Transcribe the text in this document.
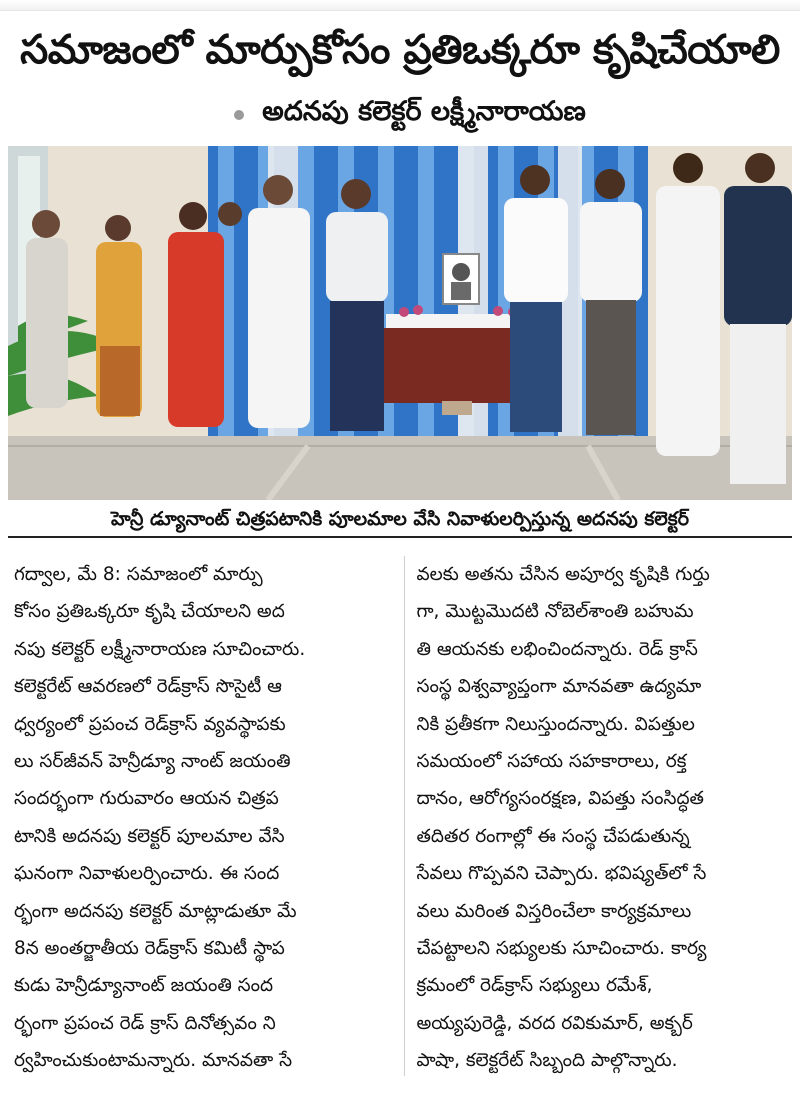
సమాజంలో మార్పుకోసం ప్రతిఒక్కరూ కృషిచేయాలి
అదనపు కలెక్టర్ లక్ష్మీనారాయణ
హెన్రీ డ్యూనాంట్ చిత్రపటానికి పూలమాల వేసి నివాళులర్పిస్తున్న అదనపు కలెక్టర్
గద్వాల, మే 8: సమాజంలో మార్పు
కోసం ప్రతిఒక్కరూ కృషి చేయాలని అద
నపు కలెక్టర్ లక్ష్మీనారాయణ సూచించారు.
కలెక్టరేట్ ఆవరణలో రెడ్‌క్రాస్ సొసైటీ ఆ
ధ్వర్యంలో ప్రపంచ రెడ్‌క్రాస్ వ్యవస్థాపకు
లు సర్‌జీవన్ హెన్రీడ్యూ నాంట్ జయంతి
సందర్భంగా గురువారం ఆయన చిత్రప
టానికి అదనపు కలెక్టర్ పూలమాల వేసి
ఘనంగా నివాళులర్పించారు. ఈ సంద
ర్భంగా అదనపు కలెక్టర్ మాట్లాడుతూ మే
8న అంతర్జాతీయ రెడ్‌క్రాస్ కమిటీ స్థాప
కుడు హెన్రీడ్యూనాంట్ జయంతి సంద
ర్భంగా ప్రపంచ రెడ్ క్రాస్ దినోత్సవం ని
ర్వహించుకుంటామన్నారు. మానవతా సే
వలకు అతను చేసిన అపూర్వ కృషికి గుర్తు
గా, మొట్టమొదటి నోబెల్‌శాంతి బహుమ
తి ఆయనకు లభించిందన్నారు. రెడ్ క్రాస్
సంస్థ విశ్వవ్యాప్తంగా మానవతా ఉద్యమా
నికి ప్రతీకగా నిలుస్తుందన్నారు. విపత్తుల
సమయంలో సహాయ సహకారాలు, రక్త
దానం, ఆరోగ్యసంరక్షణ, విపత్తు సంసిద్ధత
తదితర రంగాల్లో ఈ సంస్థ చేపడుతున్న
సేవలు గొప్పవని చెప్పారు. భవిష్యత్‌లో సే
వలు మరింత విస్తరించేలా కార్యక్రమాలు
చేపట్టాలని సభ్యులకు సూచించారు. కార్య
క్రమంలో రెడ్‌క్రాస్ సభ్యులు రమేశ్,
అయ్యపురెడ్డి, వరద రవికుమార్, అక్బర్
పాషా, కలెక్టరేట్ సిబ్బంది పాల్గొన్నారు.
